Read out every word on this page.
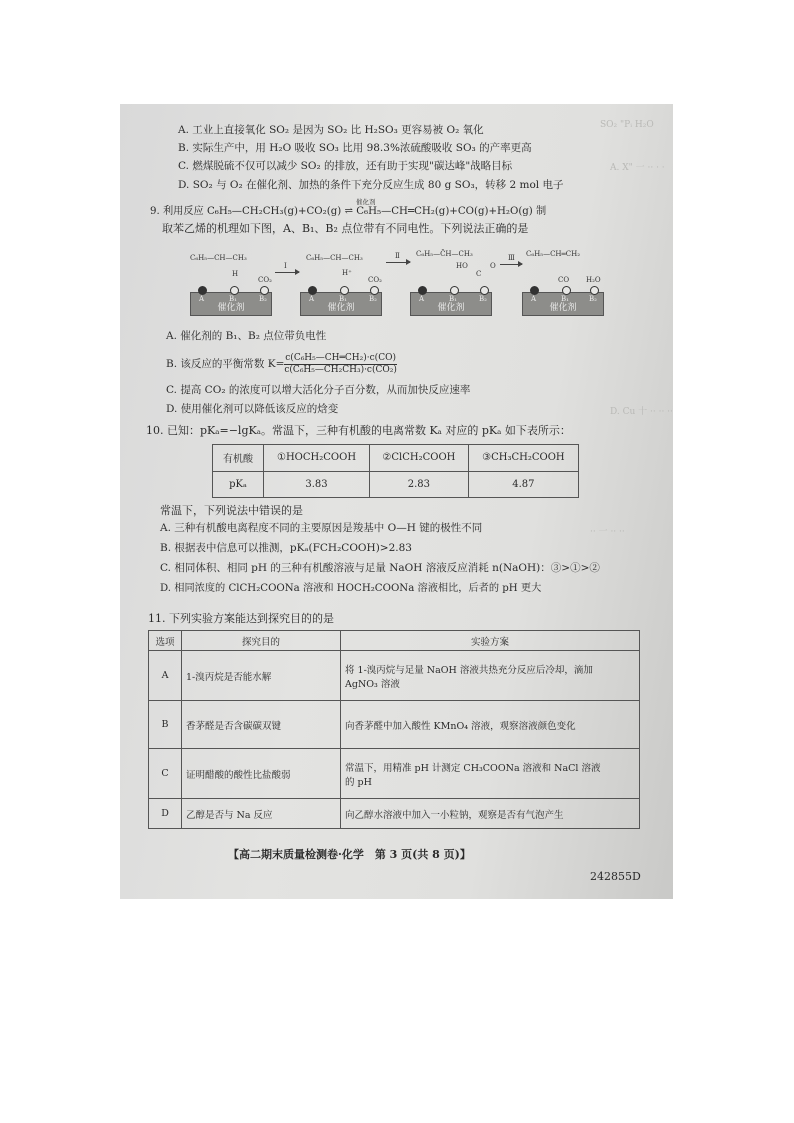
SO₂ "Pᵢ H₂O
A. X" 一 ·· · ·
D. Cu 十 ·· ·· ··
·· 一 ·· ··
A. 工业上直接氧化 SO₂ 是因为 SO₂ 比 H₂SO₃ 更容易被 O₂ 氧化
B. 实际生产中，用 H₂O 吸收 SO₃ 比用 98.3%浓硫酸吸收 SO₃ 的产率更高
C. 燃煤脱硫不仅可以减少 SO₂ 的排放，还有助于实现"碳达峰"战略目标
D. SO₂ 与 O₂ 在催化剂、加热的条件下充分反应生成 80 g SO₃，转移 2 mol 电子
9. 利用反应 C₆H₅—CH₂CH₃(g)+CO₂(g) ⇌ C₆H₅—CH═CH₂(g)+CO(g)+H₂O(g) 制
催化剂
取苯乙烯的机理如下图，A、B₁、B₂ 点位带有不同电性。下列说法正确的是
C₆H₅—CH—CH₃
H
CO₂
催化剂
A	B₁	B₂
Ⅰ
C₆H₅—CH—CH₃
H⁺
CO₂
催化剂
A	B₁	B₂
Ⅱ C₆H₅—C̄H—CH₃
HO
C
O
催化剂
A	B₁	B₂
Ⅲ C₆H₅—CH═CH₂
CO H₂O
催化剂
A	B₁	B₂
A. 催化剂的 B₁、B₂ 点位带负电性
B. 该反应的平衡常数 $K= \frac{\text{c(C₆H₅—CH═CH₂)·c(CO)}}{\text{c(C₆H₅—CH₂CH₃)·c(CO₂)}}$
C. 提高 CO₂ 的浓度可以增大活化分子百分数，从而加快反应速率
D. 使用催化剂可以降低该反应的焓变
10. 已知：pKₐ=−lgKₐ。常温下，三种有机酸的电离常数 Kₐ 对应的 pKₐ 如下表所示：
有机酸	①HOCH₂COOH	②ClCH₂COOH	③CH₃CH₂COOH
pKₐ	3.83	2.83	4.87
常温下，下列说法中错误的是
A. 三种有机酸电离程度不同的主要原因是羧基中 O—H 键的极性不同
B. 根据表中信息可以推测，pKₐ(FCH₂COOH)>2.83
C. 相同体积、相同 pH 的三种有机酸溶液与足量 NaOH 溶液反应消耗 n(NaOH)：③>①>②
D. 相同浓度的 ClCH₂COONa 溶液和 HOCH₂COONa 溶液相比，后者的 pH 更大
11. 下列实验方案能达到探究目的的是
选项	探究目的	实验方案
A	1-溴丙烷是否能水解	将 1-溴丙烷与足量 NaOH 溶液共热充分反应后冷却，滴加
AgNO₃ 溶液

B	香茅醛是否含碳碳双键	向香茅醛中加入酸性 KMnO₄ 溶液，观察溶液颜色变化
C	证明醋酸的酸性比盐酸弱	常温下，用精准 pH 计测定 CH₃COONa 溶液和 NaCl 溶液
的 pH

D	乙醇是否与 Na 反应	向乙醇水溶液中加入一小粒钠，观察是否有气泡产生
【高二期末质量检测卷·化学　第 3 页(共 8 页)】
242855D
